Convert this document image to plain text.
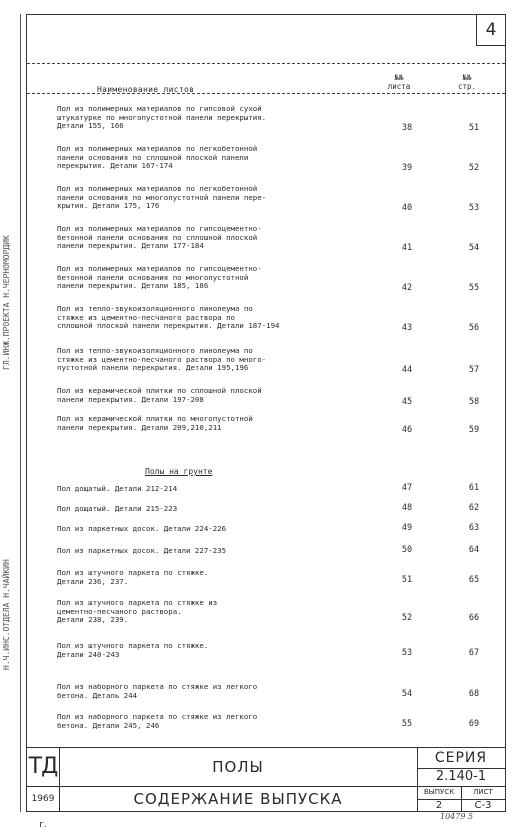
4
Наименование листов
№№
листа
№№
стр.
Пол из полимерных материалов по гипсовой сухой
штукатурке по многопустотной панели перекрытия.
Детали 155, 166	38	51
Пол из полимерных материалов по легкобетонной
панели основания по сплошной плоской панели
перекрытия. Детали 167-174	39	52
Пол из полимерных материалов по легкобетонной
панели основания по многопустотной панели пере-
крытия. Детали 175, 176	40	53
Пол из полимерных материалов по гипсоцементно-
бетонной панели основания по сплошной плоской
панели перекрытия. Детали 177-184	41	54
Пол из полимерных материалов по гипсоцементно-
бетонной панели основания по многопустотной
панели перекрытия. Детали 185, 186	42	55
Пол из тепло-звукоизоляционного линолеума по
стяжке из цементно-песчаного раствора по
сплошной плоской панели перекрытия. Детали 187-194	43	56
Пол из тепло-звукоизоляционного линолеума по
стяжке из цементно-песчаного раствора по много-
пустотной панели перекрытия. Детали 195,196	44	57
Пол из керамической плитки по сплошной плоской
панели перекрытия. Детали 197-208	45	58
Пол из керамической плитки по многопустотной
панели перекрытия. Детали 209,210,211	46	59
Полы на грунте
Пол дощатый. Детали 212-214	47	61
Пол дощатый. Детали 215-223	48	62
Пол из паркетных досок. Детали 224-226	49	63
Пол из паркетных досок. Детали 227-235	50	64
Пол из штучного паркета по стяжке.
Детали 236, 237.	51	65
Пол из штучного паркета по стяжке из
цементно-песчаного раствора.
Детали 238, 239.	52	66
Пол из штучного паркета по стяжке.
Детали 240-243	53	67
Пол из наборного паркета по стяжке из легкого
бетона. Деталь 244	54	68
Пол из наборного паркета по стяжке из легкого
бетона. Детали 245, 246	55	69
ТД
1969 г.
ПОЛЫ
СОДЕРЖАНИЕ ВЫПУСКА
СЕРИЯ
2.140-1
ВЫПУСК	ЛИСТ
2	С-3
Н.Ч.ИНС.ОТДЕЛА Н.ЧАЙКИН
ГЛ.ИНЖ.ПРОЕКТА Н.ЧЕРНОМОРДИК
10479 5
